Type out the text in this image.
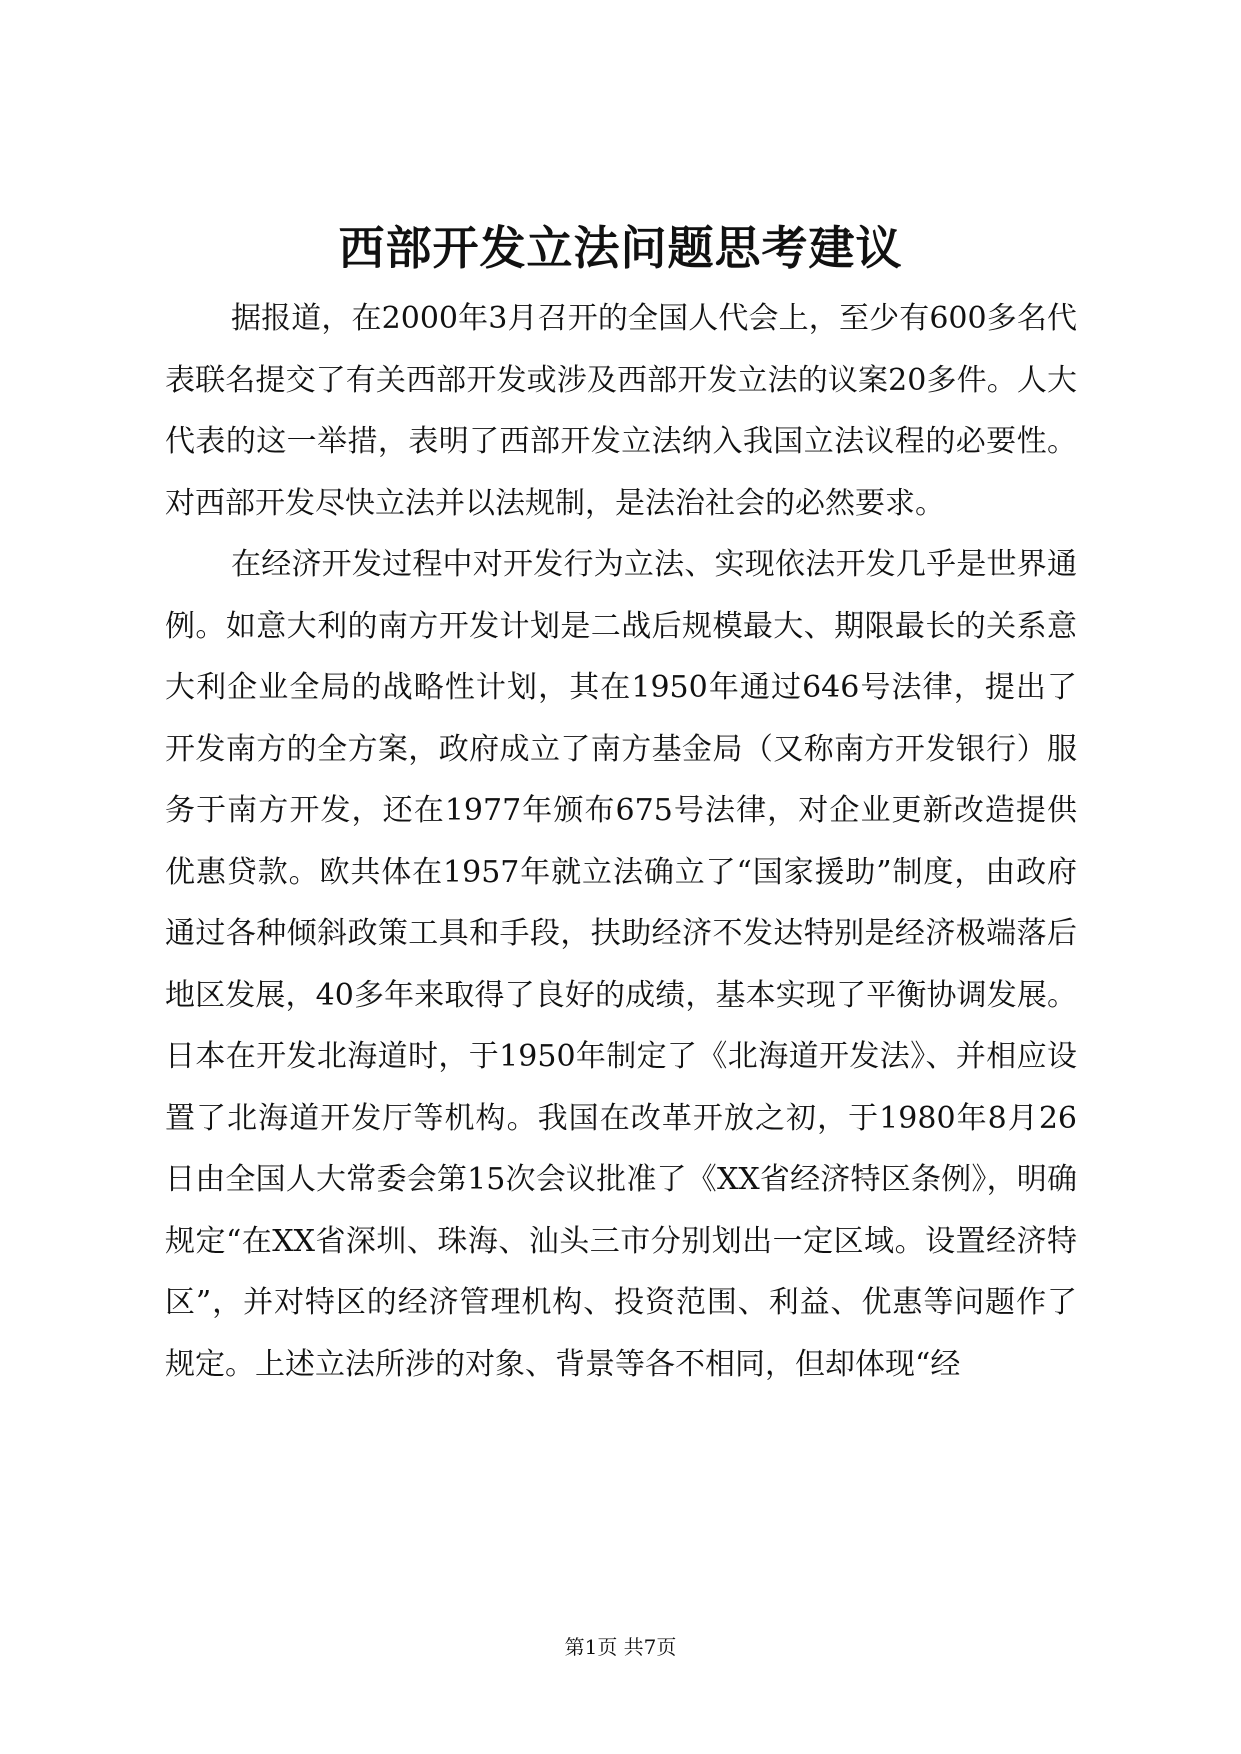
西部开发立法问题思考建议

据报道，在2000年3月召开的全国人代会上，至少有600多名代表联名提交了有关西部开发或涉及西部开发立法的议案20多件。人大代表的这一举措，表明了西部开发立法纳入我国立法议程的必要性。对西部开发尽快立法并以法规制，是法治社会的必然要求。

在经济开发过程中对开发行为立法、实现依法开发几乎是世界通例。如意大利的南方开发计划是二战后规模最大、期限最长的关系意大利企业全局的战略性计划，其在1950年通过646号法律，提出了开发南方的全方案，政府成立了南方基金局（又称南方开发银行）服务于南方开发，还在1977年颁布675号法律，对企业更新改造提供优惠贷款。欧共体在1957年就立法确立了“国家援助”制度，由政府通过各种倾斜政策工具和手段，扶助经济不发达特别是经济极端落后地区发展，40多年来取得了良好的成绩，基本实现了平衡协调发展。日本在开发北海道时，于1950年制定了《北海道开发法》、并相应设置了北海道开发厅等机构。我国在改革开放之初，于1980年8月26日由全国人大常委会第15次会议批准了《XX省经济特区条例》，明确规定“在XX省深圳、珠海、汕头三市分别划出一定区域。设置经济特区”，并对特区的经济管理机构、投资范围、利益、优惠等问题作了规定。上述立法所涉的对象、背景等各不相同，但却体现“经

第1页 共7页
